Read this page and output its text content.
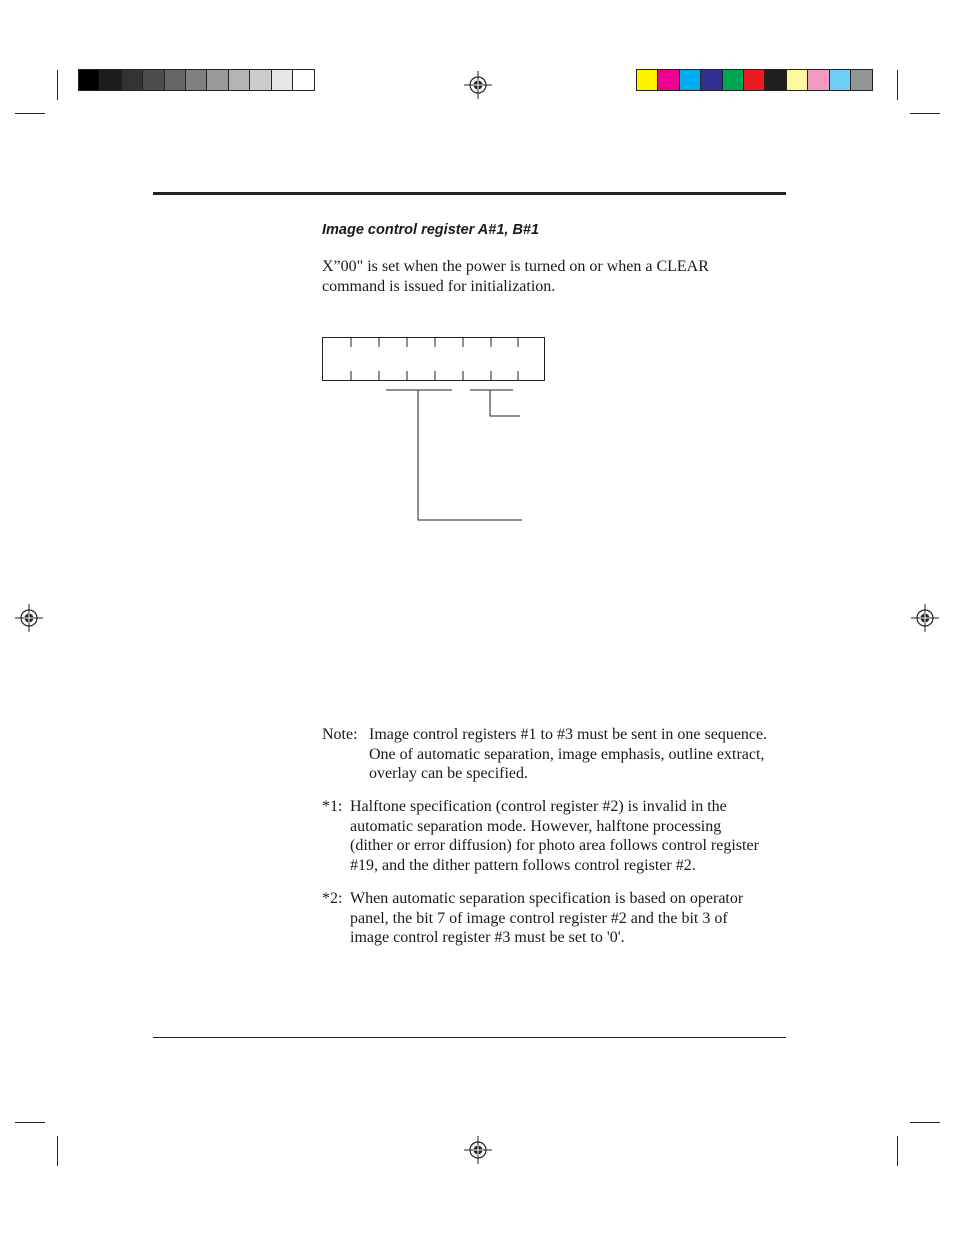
Image control register A#1, B#1
X”00" is set when the power is turned on or when a CLEAR
command is issued for initialization.
Note: Image control registers #1 to #3 must be sent in one sequence.
One of automatic separation, image emphasis, outline extract,
overlay can be specified.
*1: Halftone specification (control register #2) is invalid in the
automatic separation mode. However, halftone processing
(dither or error diffusion) for photo area follows control register
#19, and the dither pattern follows control register #2.
*2: When automatic separation specification is based on operator
panel, the bit 7 of image control register #2 and the bit 3 of
image control register #3 must be set to '0'.
